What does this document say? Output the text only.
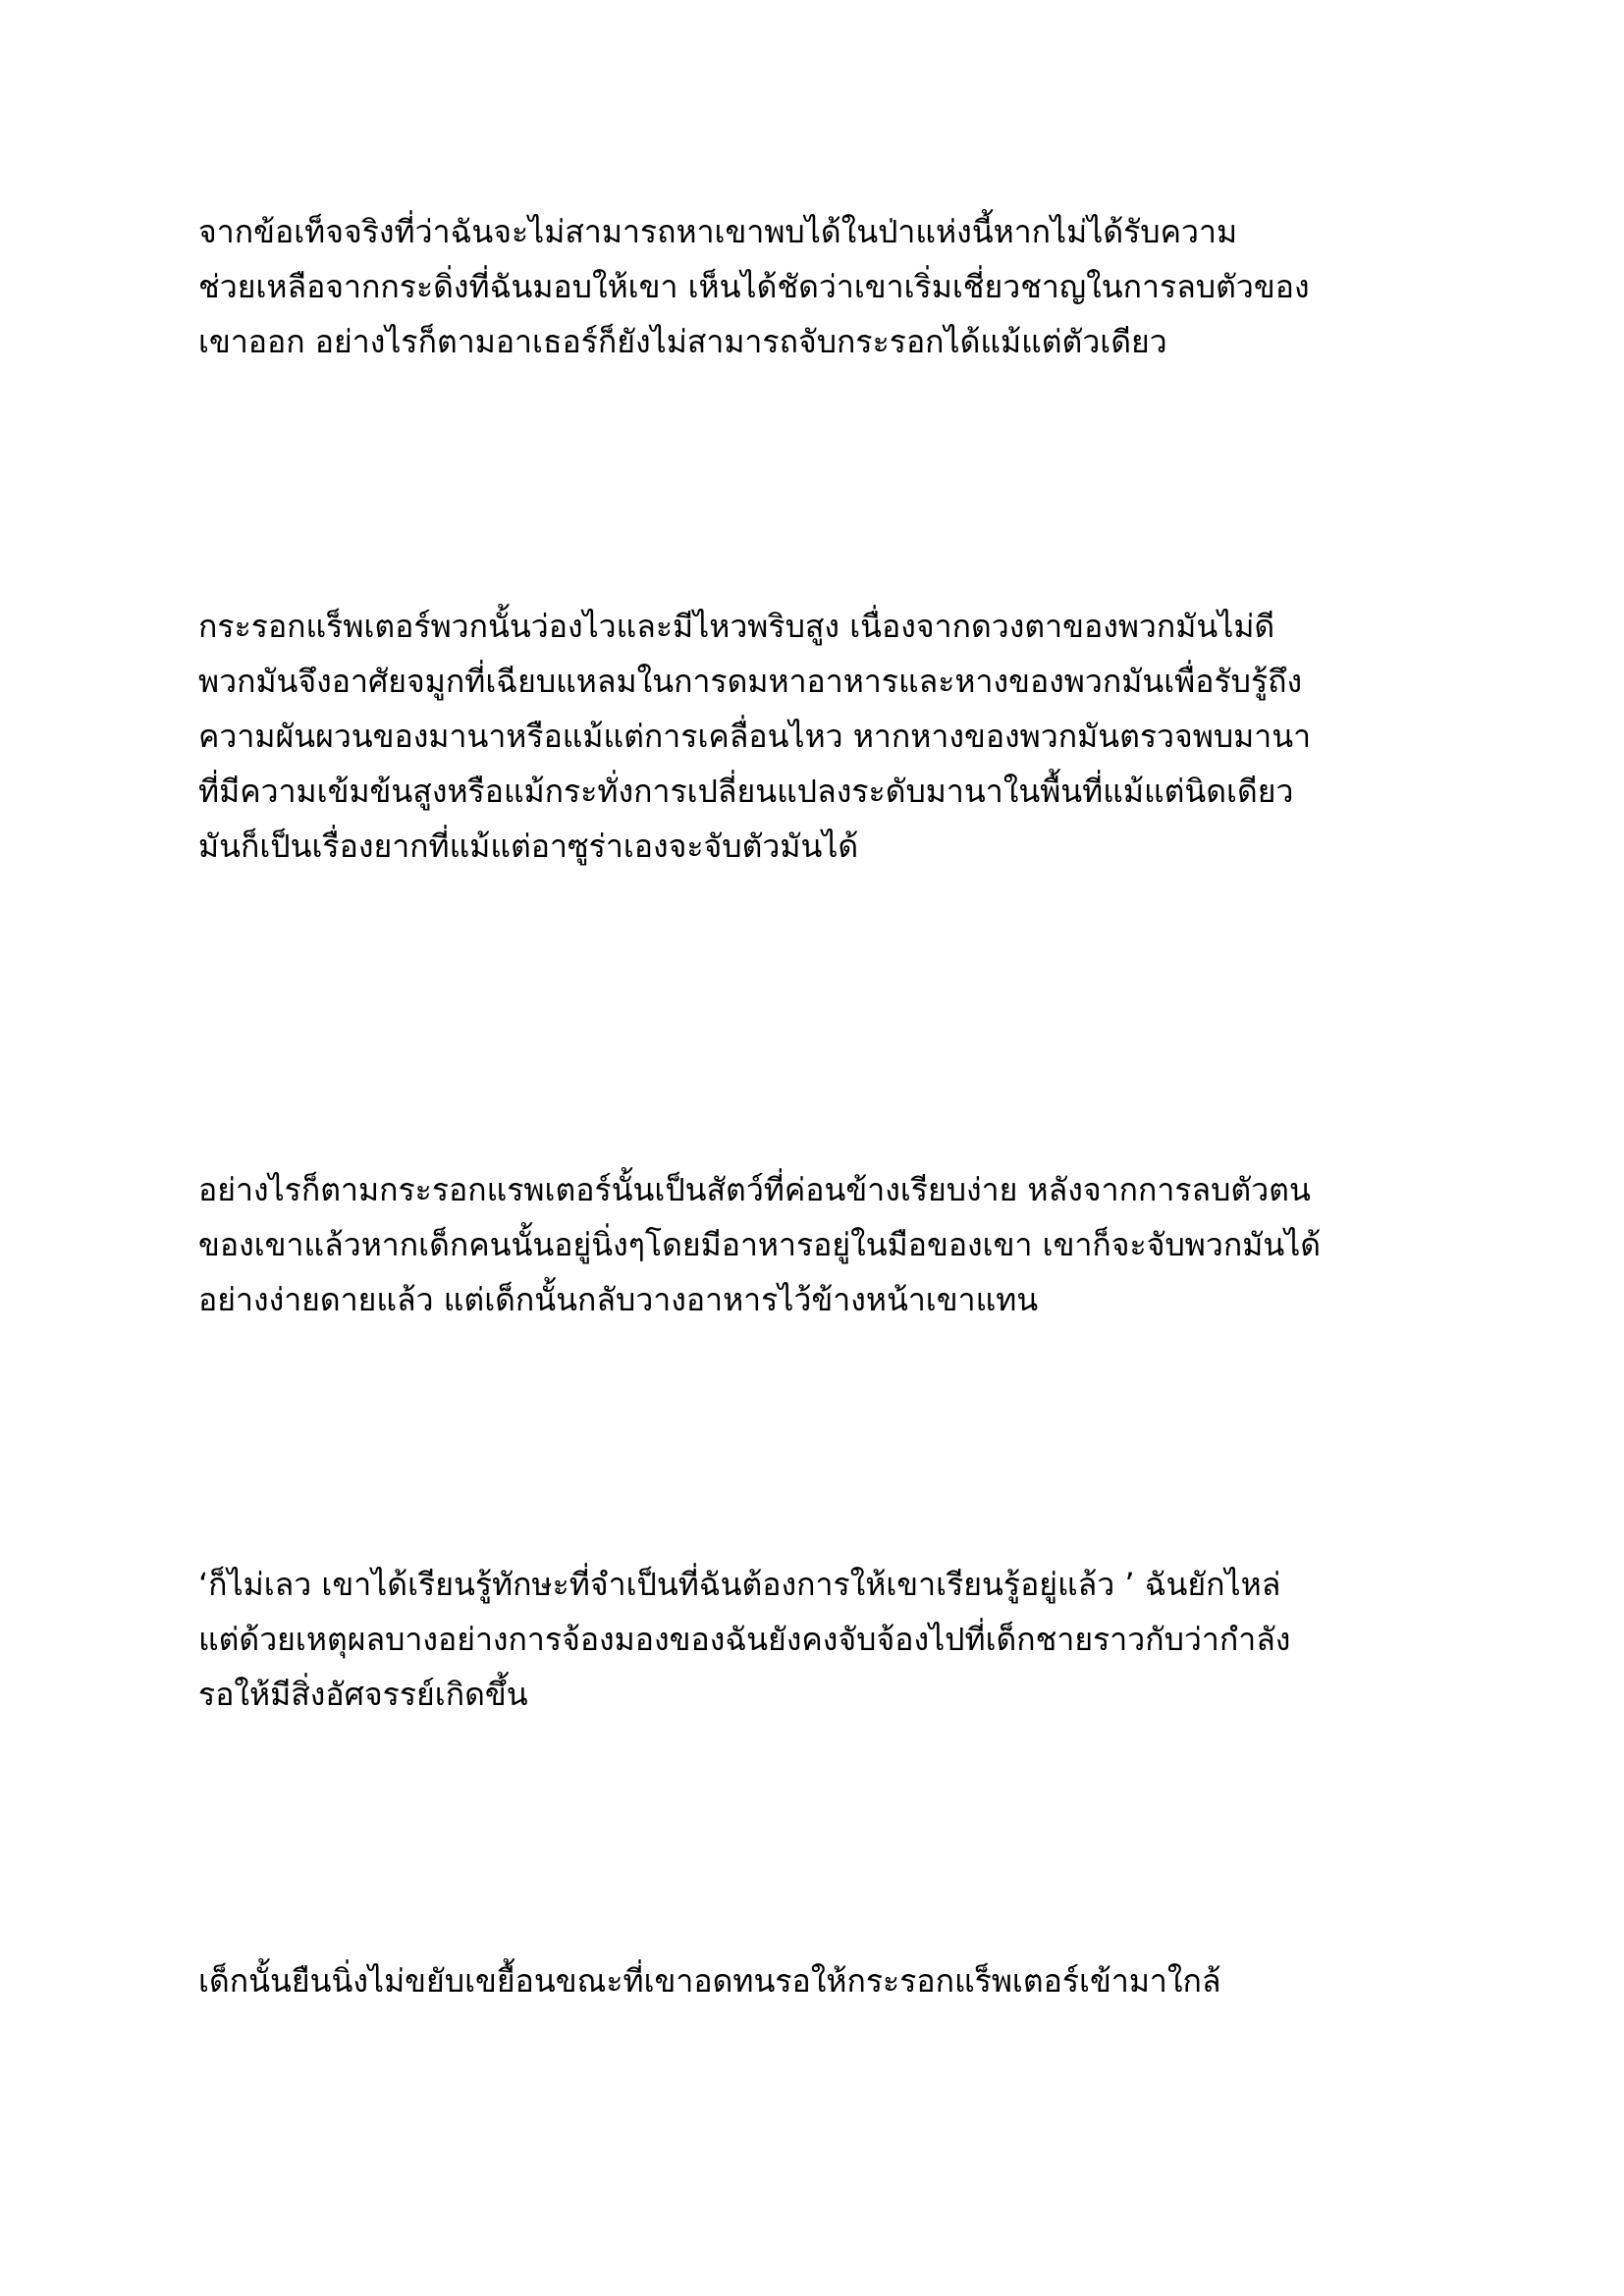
จากข้อเท็จจริงที่ว่าฉันจะไม่สามารถหาเขาพบได้ในป่าแห่งนี้หากไม่ได้รับความ
ช่วยเหลือจากกระดิ่งที่ฉันมอบให้เขา เห็นได้ชัดว่าเขาเริ่มเชี่ยวชาญในการลบตัวของ
เขาออก อย่างไรก็ตามอาเธอร์ก็ยังไม่สามารถจับกระรอกได้แม้แต่ตัวเดียว
กระรอกแร็พเตอร์พวกนั้นว่องไวและมีไหวพริบสูง เนื่องจากดวงตาของพวกมันไม่ดี
พวกมันจึงอาศัยจมูกที่เฉียบแหลมในการดมหาอาหารและหางของพวกมันเพื่อรับรู้ถึง
ความผันผวนของมานาหรือแม้แต่การเคลื่อนไหว หากหางของพวกมันตรวจพบมานา
ที่มีความเข้มข้นสูงหรือแม้กระทั่งการเปลี่ยนแปลงระดับมานาในพื้นที่แม้แต่นิดเดียว
มันก็เป็นเรื่องยากที่แม้แต่อาซูร่าเองจะจับตัวมันได้
อย่างไรก็ตามกระรอกแรพเตอร์นั้นเป็นสัตว์ที่ค่อนข้างเรียบง่าย หลังจากการลบตัวตน
ของเขาแล้วหากเด็กคนนั้นอยู่นิ่งๆโดยมีอาหารอยู่ในมือของเขา เขาก็จะจับพวกมันได้
อย่างง่ายดายแล้ว แต่เด็กนั้นกลับวางอาหารไว้ข้างหน้าเขาแทน
‘ก็ไม่เลว เขาได้เรียนรู้ทักษะที่จำเป็นที่ฉันต้องการให้เขาเรียนรู้อยู่แล้ว ’ ฉันยักไหล่
แต่ด้วยเหตุผลบางอย่างการจ้องมองของฉันยังคงจับจ้องไปที่เด็กชายราวกับว่ากำลัง
รอให้มีสิ่งอัศจรรย์เกิดขึ้น
เด็กนั้นยืนนิ่งไม่ขยับเขยื้อนขณะที่เขาอดทนรอให้กระรอกแร็พเตอร์เข้ามาใกล้
